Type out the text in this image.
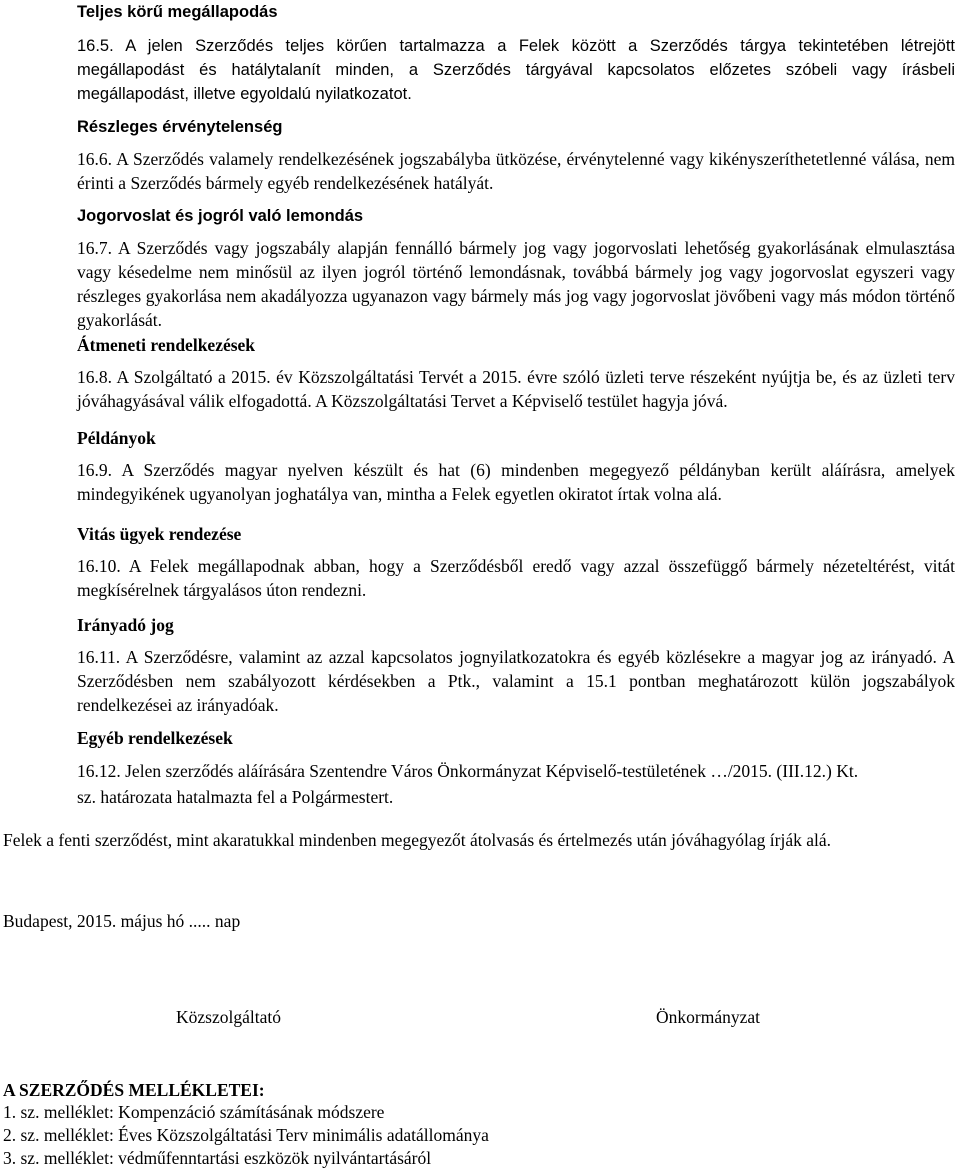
Teljes körű megállapodás
16.5. A jelen Szerződés teljes körűen tartalmazza a Felek között a Szerződés tárgya tekintetében létrejött megállapodást és hatálytalanít minden, a Szerződés tárgyával kapcsolatos előzetes szóbeli vagy írásbeli megállapodást, illetve egyoldalú nyilatkozatot.
Részleges érvénytelenség
16.6. A Szerződés valamely rendelkezésének jogszabályba ütközése, érvénytelenné vagy kikényszeríthetetlenné válása, nem érinti a Szerződés bármely egyéb rendelkezésének hatályát.
Jogorvoslat és jogról való lemondás
16.7. A Szerződés vagy jogszabály alapján fennálló bármely jog vagy jogorvoslati lehetőség gyakorlásának elmulasztása vagy késedelme nem minősül az ilyen jogról történő lemondásnak, továbbá bármely jog vagy jogorvoslat egyszeri vagy részleges gyakorlása nem akadályozza ugyanazon vagy bármely más jog vagy jogorvoslat jövőbeni vagy más módon történő gyakorlását.
Átmeneti rendelkezések
Példányok
Vitás ügyek rendezése
Irányadó jog
Egyéb rendelkezések
16.12. Jelen szerződés aláírására Szentendre Város Önkormányzat Képviselő-testületének …/2015. (III.12.) Kt.
sz. határozata hatalmazta fel a Polgármestert.
Felek a fenti szerződést, mint akaratukkal mindenben megegyezőt átolvasás és értelmezés után jóváhagyólag írják alá.
Budapest, 2015. május hó ..... nap
Közszolgáltató	Önkormányzat
A SZERZŐDÉS MELLÉKLETEI:
1. sz. melléklet: Kompenzáció számításának módszere
2. sz. melléklet: Éves Közszolgáltatási Terv minimális adatállománya
3. sz. melléklet: védműfenntartási eszközök nyilvántartásáról
16.8. A Szolgáltató a 2015. év Közszolgáltatási Tervét a 2015. évre szóló üzleti terve részeként nyújtja be, és az üzleti terv jóváhagyásával válik elfogadottá. A Közszolgáltatási Tervet a Képviselő testület hagyja jóvá.
16.9. A Szerződés magyar nyelven készült és hat (6) mindenben megegyező példányban került aláírásra, amelyek mindegyikének ugyanolyan joghatálya van, mintha a Felek egyetlen okiratot írtak volna alá.
16.10. A Felek megállapodnak abban, hogy a Szerződésből eredő vagy azzal összefüggő bármely nézeteltérést, vitát megkísérelnek tárgyalásos úton rendezni.
16.11. A Szerződésre, valamint az azzal kapcsolatos jognyilatkozatokra és egyéb közlésekre a magyar jog az irányadó. A Szerződésben nem szabályozott kérdésekben a Ptk., valamint a 15.1 pontban meghatározott külön jogszabályok rendelkezései az irányadóak.
